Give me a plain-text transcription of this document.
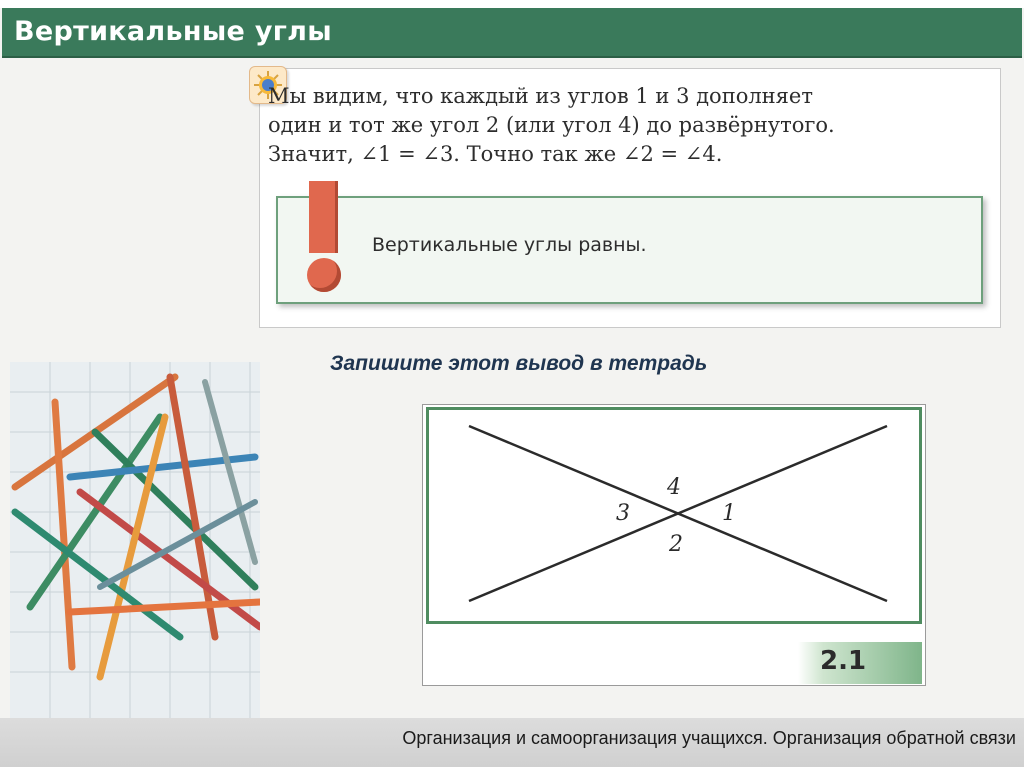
Вертикальные углы
Мы видим, что каждый из углов 1 и 3 дополняет
один и тот же угол 2 (или угол 4) до развёрнутого.
Значит, ∠1 = ∠3. Точно так же ∠2 = ∠4.
Вертикальные углы равны.
Запишите этот вывод в тетрадь
4
3	1
2
2.1
Организация и самоорганизация учащихся. Организация обратной связи
